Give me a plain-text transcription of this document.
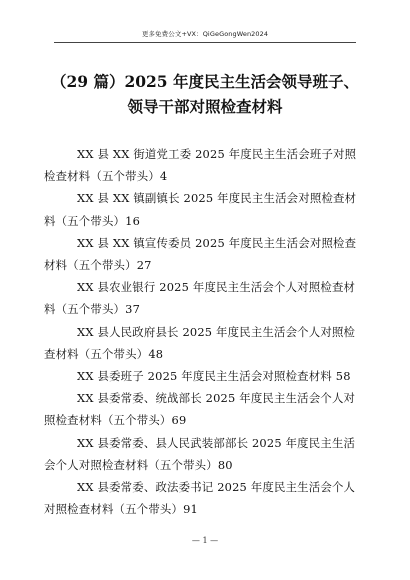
更多免费公文+VX：QiGeGongWen2024
（29 篇）2025 年度民主生活会领导班子、
领导干部对照检查材料
XX 县 XX 街道党工委 2025 年度民主生活会班子对照检查材料（五个带头）4
XX 县 XX 镇副镇长 2025 年度民主生活会对照检查材料（五个带头）16
XX 县 XX 镇宣传委员 2025 年度民主生活会对照检查材料（五个带头）27
XX 县农业银行 2025 年度民主生活会个人对照检查材料（五个带头）37
XX 县人民政府县长 2025 年度民主生活会个人对照检查材料（五个带头）48
XX 县委班子 2025 年度民主生活会对照检查材料 58
XX 县委常委、统战部长 2025 年度民主生活会个人对照检查材料（五个带头）69
XX 县委常委、县人民武装部部长 2025 年度民主生活会个人对照检查材料（五个带头）80
XX 县委常委、政法委书记 2025 年度民主生活会个人对照检查材料（五个带头）91
— 1 —
